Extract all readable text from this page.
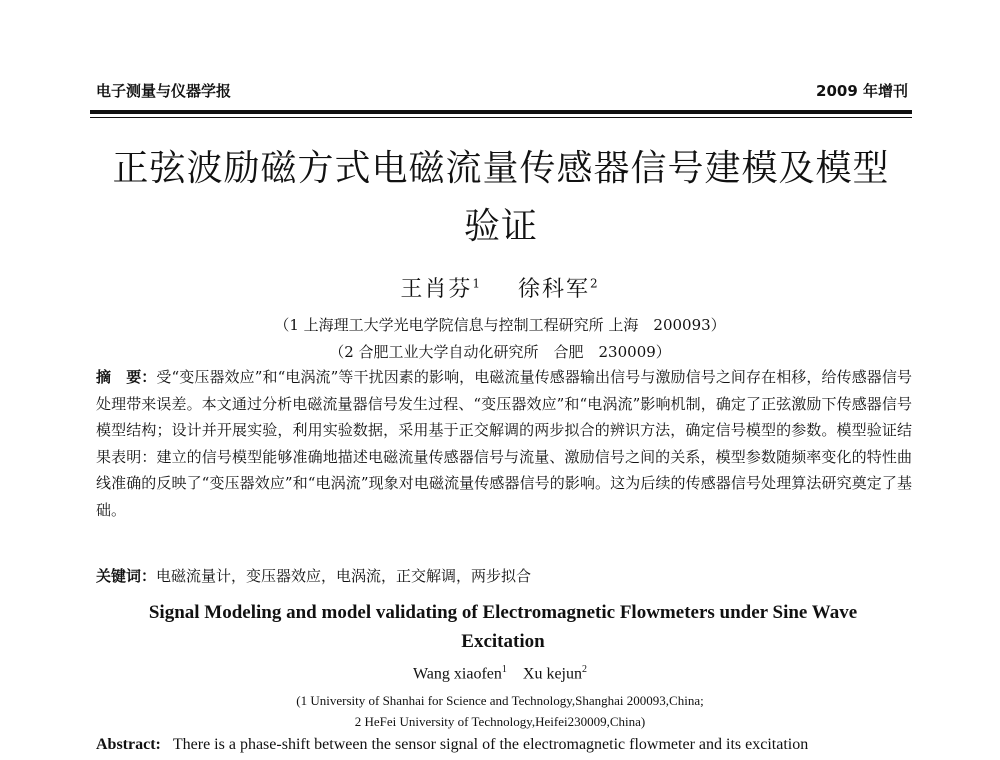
电子测量与仪器学报	2009 年增刊
正弦波励磁方式电磁流量传感器信号建模及模型
验证
王肖芬$^1$ 徐科军$^2$
（1 上海理工大学光电学院信息与控制工程研究所 上海　200093）
（2 合肥工业大学自动化研究所　合肥　230009）
摘　要：受“变压器效应”和“电涡流”等干扰因素的影响，电磁流量传感器输出信号与激励信号之间存在相移，给传感器信号处理带来误差。本文通过分析电磁流量器信号发生过程、“变压器效应”和“电涡流”影响机制，确定了正弦激励下传感器信号模型结构；设计并开展实验，利用实验数据，采用基于正交解调的两步拟合的辨识方法，确定信号模型的参数。模型验证结果表明：建立的信号模型能够准确地描述电磁流量传感器信号与流量、激励信号之间的关系，模型参数随频率变化的特性曲线准确的反映了“变压器效应”和“电涡流”现象对电磁流量传感器信号的影响。这为后续的传感器信号处理算法研究奠定了基础。
关键词：电磁流量计，变压器效应，电涡流，正交解调，两步拟合
Signal Modeling and model validating of Electromagnetic Flowmeters under Sine Wave
Excitation
Wang xiaofen$^1$ Xu kejun$^2$
(1 University of Shanhai for Science and Technology,Shanghai 200093,China;
2 HeFei University of Technology,Heifei230009,China)
Abstract: There is a phase-shift between the sensor signal of the electromagnetic flowmeter and its excitation
